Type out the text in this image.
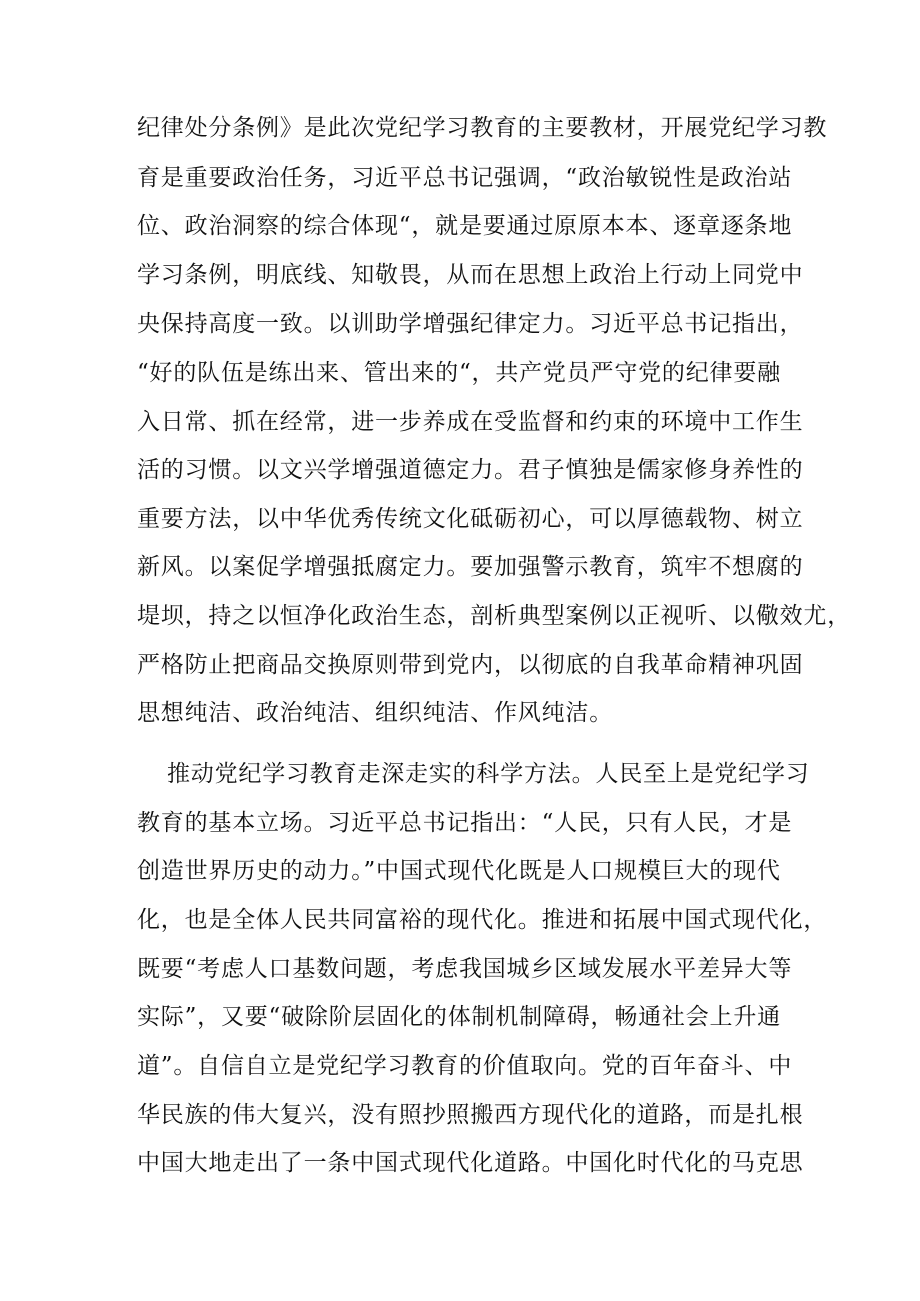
纪律处分条例》是此次党纪学习教育的主要教材，开展党纪学习教
育是重要政治任务，习近平总书记强调，“政治敏锐性是政治站
位、政治洞察的综合体现“，就是要通过原原本本、逐章逐条地
学习条例，明底线、知敬畏，从而在思想上政治上行动上同党中
央保持高度一致。以训助学增强纪律定力。习近平总书记指出，
“好的队伍是练出来、管出来的“，共产党员严守党的纪律要融
入日常、抓在经常，进一步养成在受监督和约束的环境中工作生
活的习惯。以文兴学增强道德定力。君子慎独是儒家修身养性的
重要方法，以中华优秀传统文化砥砺初心，可以厚德载物、树立
新风。以案促学增强抵腐定力。要加强警示教育，筑牢不想腐的
堤坝，持之以恒净化政治生态，剖析典型案例以正视听、以儆效尤，
严格防止把商品交换原则带到党内，以彻底的自我革命精神巩固
思想纯洁、政治纯洁、组织纯洁、作风纯洁。
推动党纪学习教育走深走实的科学方法。人民至上是党纪学习
教育的基本立场。习近平总书记指出：“人民，只有人民，才是
创造世界历史的动力。”中国式现代化既是人口规模巨大的现代
化，也是全体人民共同富裕的现代化。推进和拓展中国式现代化，
既要“考虑人口基数问题，考虑我国城乡区域发展水平差异大等
实际”，又要“破除阶层固化的体制机制障碍，畅通社会上升通
道”。自信自立是党纪学习教育的价值取向。党的百年奋斗、中
华民族的伟大复兴，没有照抄照搬西方现代化的道路，而是扎根
中国大地走出了一条中国式现代化道路。中国化时代化的马克思
